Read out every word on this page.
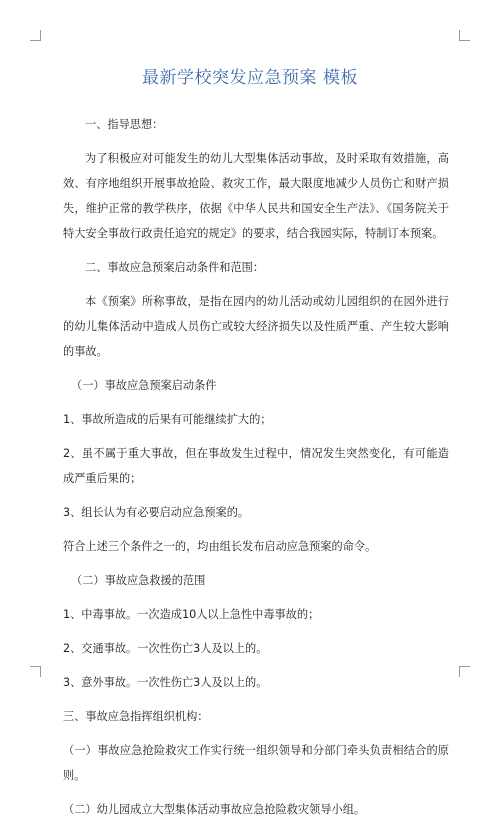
最新学校突发应急预案 模板

一、指导思想：

为了积极应对可能发生的幼儿大型集体活动事故，及时采取有效措施，高效、有序地组织开展事故抢险、救灾工作，最大限度地减少人员伤亡和财产损失，维护正常的教学秩序，依据《中华人民共和国安全生产法》、《国务院关于特大安全事故行政责任追究的规定》的要求，结合我园实际，特制订本预案。

二、事故应急预案启动条件和范围：

本《预案》所称事故，是指在园内的幼儿活动或幼儿园组织的在园外进行的幼儿集体活动中造成人员伤亡或较大经济损失以及性质严重、产生较大影响的事故。

（一）事故应急预案启动条件

1、事故所造成的后果有可能继续扩大的；

2、虽不属于重大事故，但在事故发生过程中，情况发生突然变化，有可能造成严重后果的；

3、组长认为有必要启动应急预案的。

符合上述三个条件之一的，均由组长发布启动应急预案的命令。

（二）事故应急救援的范围

1、中毒事故。一次造成10人以上急性中毒事故的；

2、交通事故。一次性伤亡3人及以上的。

3、意外事故。一次性伤亡3人及以上的。

三、事故应急指挥组织机构：

（一）事故应急抢险救灾工作实行统一组织领导和分部门牵头负责相结合的原则。

（二）幼儿园成立大型集体活动事故应急抢险救灾领导小组。
